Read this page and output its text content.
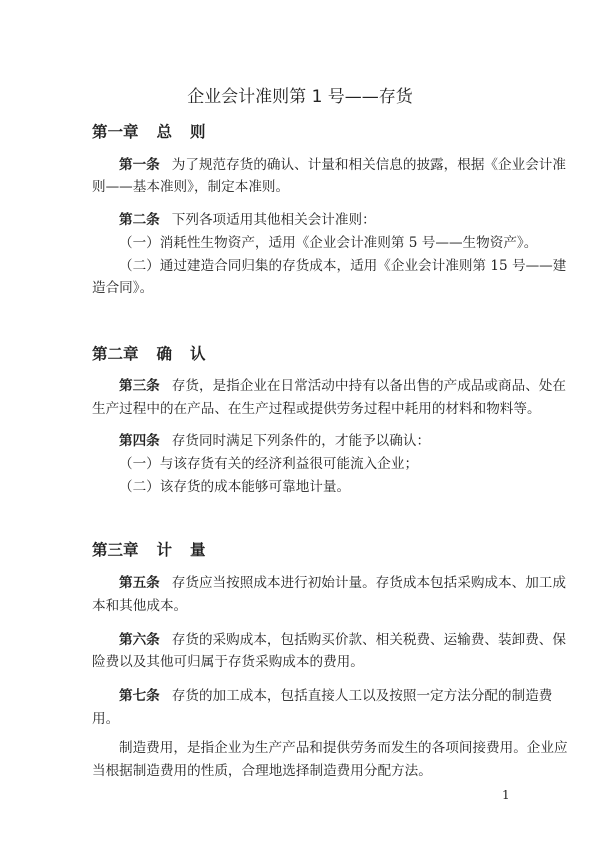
企业会计准则第 1 号——存货
第一章 总 则
第一条 为了规范存货的确认、计量和相关信息的披露，根据《企业会计准
则——基本准则》，制定本准则。
第二条 下列各项适用其他相关会计准则：
（一）消耗性生物资产，适用《企业会计准则第 5 号——生物资产》。
（二）通过建造合同归集的存货成本，适用《企业会计准则第 15 号——建
造合同》。
第二章 确 认
第三条 存货，是指企业在日常活动中持有以备出售的产成品或商品、处在
生产过程中的在产品、在生产过程或提供劳务过程中耗用的材料和物料等。
第四条 存货同时满足下列条件的，才能予以确认：
（一）与该存货有关的经济利益很可能流入企业；
（二）该存货的成本能够可靠地计量。
第三章 计 量
第五条 存货应当按照成本进行初始计量。存货成本包括采购成本、加工成
本和其他成本。
第六条 存货的采购成本，包括购买价款、相关税费、运输费、装卸费、保
险费以及其他可归属于存货采购成本的费用。
第七条 存货的加工成本，包括直接人工以及按照一定方法分配的制造费
用。
制造费用，是指企业为生产产品和提供劳务而发生的各项间接费用。企业应
当根据制造费用的性质，合理地选择制造费用分配方法。
1
